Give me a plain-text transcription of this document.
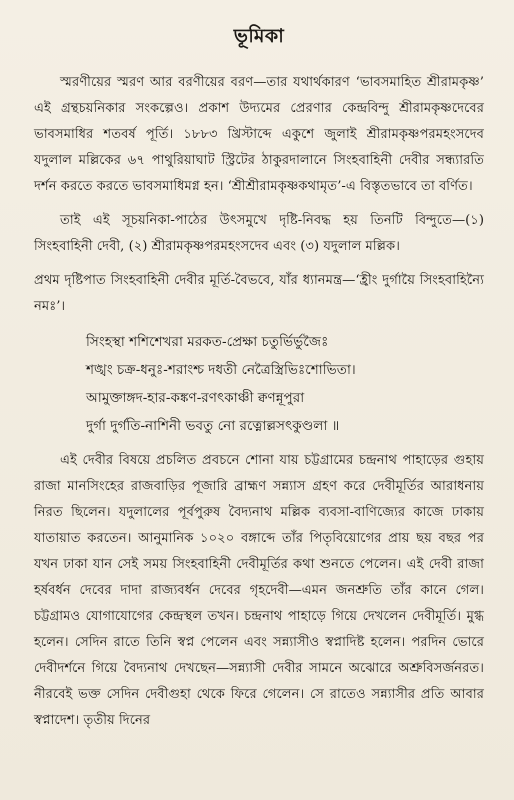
ভূমিকা

স্মরণীয়ের স্মরণ আর বরণীয়ের বরণ—তার যথার্থকারণ ‘ভাবসমাহিত শ্রীরামকৃষ্ণ’ এই গ্রন্থচয়নিকার সংকল্পেও। প্রকাশ উদ্যমের প্রেরণার কেন্দ্রবিন্দু শ্রীরামকৃষ্ণদেবের ভাবসমাধির শতবর্ষ পূর্তি। ১৮৮৩ খ্রিস্টাব্দে একুশে জুলাই শ্রীরামকৃষ্ণপরমহংসদেব যদুলাল মল্লিকের ৬৭ পাথুরিয়াঘাট স্ট্রিটের ঠাকুরদালানে সিংহবাহিনী দেবীর সন্ধ্যারতি দর্শন করতে করতে ভাবসমাধিমগ্ন হন। ‘শ্রীশ্রীরামকৃষ্ণকথামৃত’-এ বিস্তৃতভাবে তা বর্ণিত।

তাই এই সূচয়নিকা-পাঠের উৎসমুখে দৃষ্টি-নিবদ্ধ হয় তিনটি বিন্দুতে—(১) সিংহবাহিনী দেবী, (২) শ্রীরামকৃষ্ণপরমহংসদেব এবং (৩) যদুলাল মল্লিক।

প্রথম দৃষ্টিপাত সিংহবাহিনী দেবীর মূর্তি-বৈভবে, যাঁর ধ্যানমন্ত্র—‘হ্রীং দুর্গায়ৈ সিংহবাহিন্যৈ নমঃ’।

সিংহস্থা শশিশেখরা মরকত-প্রেক্ষা চতুর্ভির্ভুজৈঃ
শঙ্খং চক্র-ধনুঃ-শরাংশ্চ দধতী নেত্রৈস্ত্রিভিঃশোভিতা।
আমুক্তাঙ্গদ-হার-কঙ্কণ-রণৎকাঞ্চী ক্বণন্নূপুরা
দুর্গা দুর্গতি-নাশিনী ভবতু নো রত্নোল্লসৎকুণ্ডলা ॥

এই দেবীর বিষয়ে প্রচলিত প্রবচনে শোনা যায় চট্টগ্রামের চন্দ্রনাথ পাহাড়ের গুহায় রাজা মানসিংহের রাজবাড়ির পূজারি ব্রাহ্মণ সন্ন্যাস গ্রহণ করে দেবীমূর্তির আরাধনায় নিরত ছিলেন। যদুলালের পূর্বপুরুষ বৈদ্যনাথ মল্লিক ব্যবসা-বাণিজ্যের কাজে ঢাকায় যাতায়াত করতেন। আনুমানিক ১০২০ বঙ্গাব্দে তাঁর পিতৃবিয়োগের প্রায় ছয় বছর পর যখন ঢাকা যান সেই সময় সিংহবাহিনী দেবীমূর্তির কথা শুনতে পেলেন। এই দেবী রাজা হর্ষবর্ধন দেবের দাদা রাজ্যবর্ধন দেবের গৃহদেবী—এমন জনশ্রুতি তাঁর কানে গেল। চট্টগ্রামও যোগাযোগের কেন্দ্রস্থল তখন। চন্দ্রনাথ পাহাড়ে গিয়ে দেখলেন দেবীমূর্তি। মুগ্ধ হলেন। সেদিন রাতে তিনি স্বপ্ন পেলেন এবং সন্ন্যাসীও স্বপ্নাদিষ্ট হলেন। পরদিন ভোরে দেবীদর্শনে গিয়ে বৈদ্যনাথ দেখছেন—সন্ন্যাসী দেবীর সামনে অঝোরে অশ্রুবিসর্জনরত। নীরবেই ভক্ত সেদিন দেবীগুহা থেকে ফিরে গেলেন। সে রাতেও সন্ন্যাসীর প্রতি আবার স্বপ্নাদেশ। তৃতীয় দিনের
